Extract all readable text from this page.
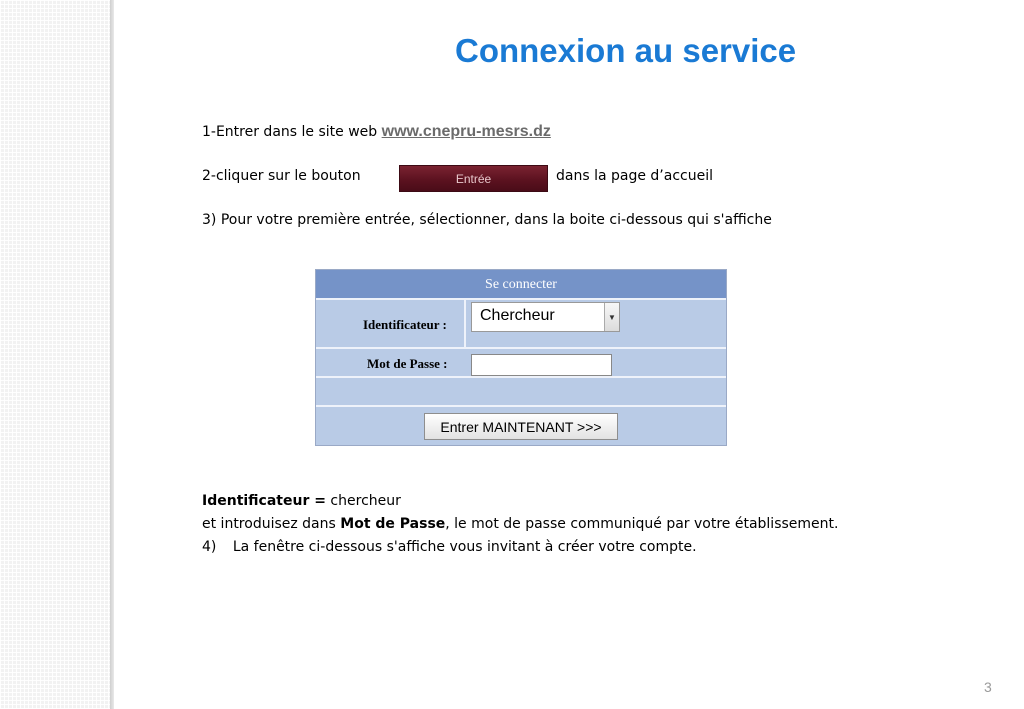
Connexion au service
1-Entrer dans le site web www.cnepru-mesrs.dz
2-cliquer sur le bouton	Entrée	dans la page d’accueil
3) Pour votre première entrée, sélectionner, dans la boite ci-dessous qui s'affiche
Se connecter
Identificateur :
Chercheur	▼
Mot de Passe :
Entrer MAINTENANT >>>
Identificateur = chercheur
et introduisez dans Mot de Passe, le mot de passe communiqué par votre établissement.
4) La fenêtre ci-dessous s'affiche vous invitant à créer votre compte.
3
